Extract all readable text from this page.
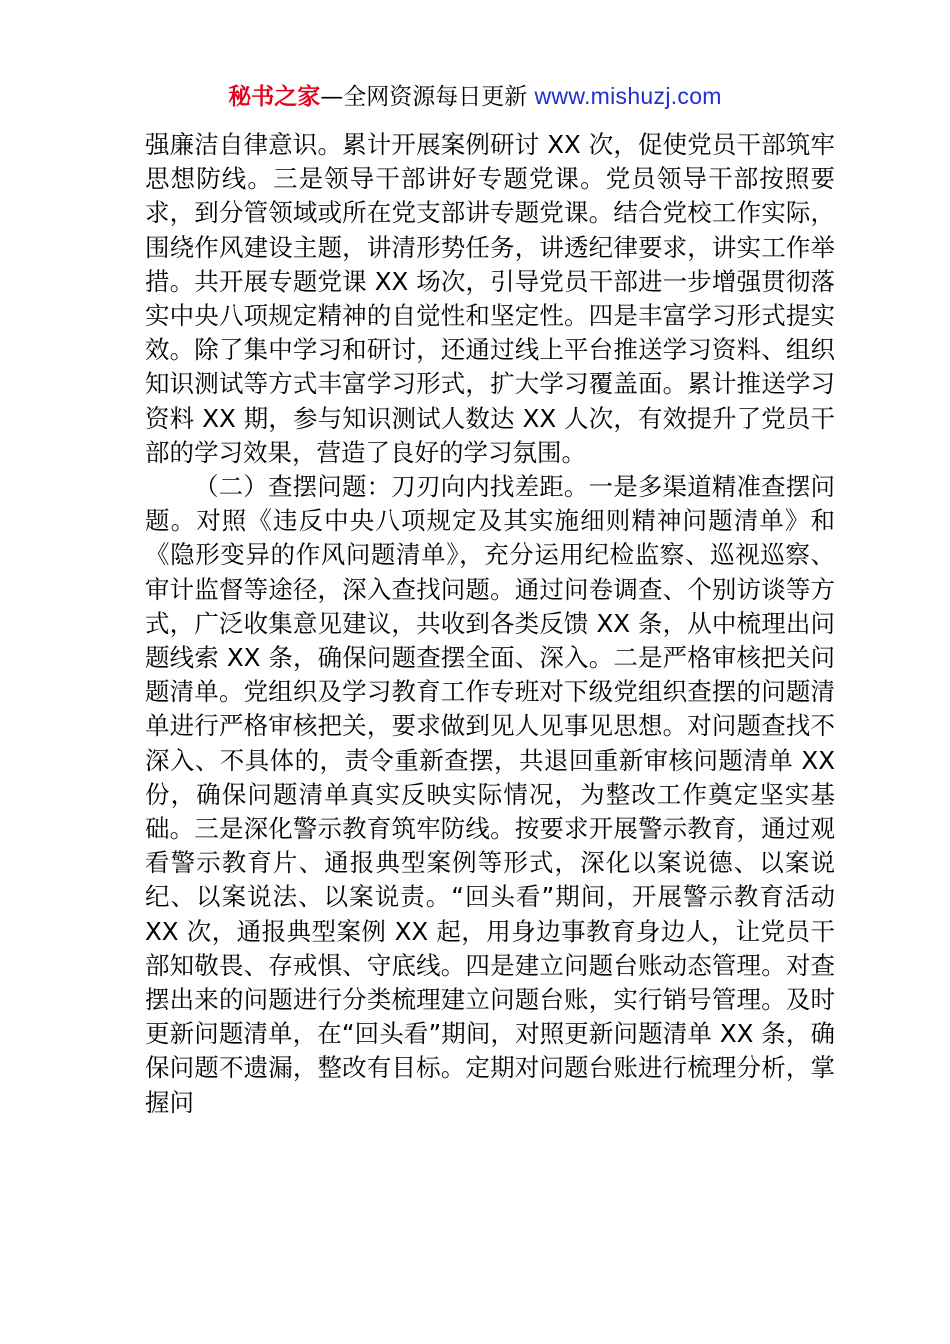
秘书之家—全网资源每日更新 www.mishuzj.com

强廉洁自律意识。累计开展案例研讨 XX 次，促使党员干部筑牢思想防线。三是领导干部讲好专题党课。党员领导干部按照要求，到分管领域或所在党支部讲专题党课。结合党校工作实际，围绕作风建设主题，讲清形势任务，讲透纪律要求，讲实工作举措。共开展专题党课 XX 场次，引导党员干部进一步增强贯彻落实中央八项规定精神的自觉性和坚定性。四是丰富学习形式提实效。除了集中学习和研讨，还通过线上平台推送学习资料、组织知识测试等方式丰富学习形式，扩大学习覆盖面。累计推送学习资料 XX 期，参与知识测试人数达 XX 人次，有效提升了党员干部的学习效果，营造了良好的学习氛围。

（二）查摆问题：刀刃向内找差距。一是多渠道精准查摆问题。对照《违反中央八项规定及其实施细则精神问题清单》和《隐形变异的作风问题清单》，充分运用纪检监察、巡视巡察、审计监督等途径，深入查找问题。通过问卷调查、个别访谈等方式，广泛收集意见建议，共收到各类反馈 XX 条，从中梳理出问题线索 XX 条，确保问题查摆全面、深入。二是严格审核把关问题清单。党组织及学习教育工作专班对下级党组织查摆的问题清单进行严格审核把关，要求做到见人见事见思想。对问题查找不深入、不具体的，责令重新查摆，共退回重新审核问题清单 XX 份，确保问题清单真实反映实际情况，为整改工作奠定坚实基础。三是深化警示教育筑牢防线。按要求开展警示教育，通过观看警示教育片、通报典型案例等形式，深化以案说德、以案说纪、以案说法、以案说责。“回头看”期间，开展警示教育活动 XX 次，通报典型案例 XX 起，用身边事教育身边人，让党员干部知敬畏、存戒惧、守底线。四是建立问题台账动态管理。对查摆出来的问题进行分类梳理建立问题台账，实行销号管理。及时更新问题清单，在“回头看”期间，对照更新问题清单 XX 条，确保问题不遗漏，整改有目标。定期对问题台账进行梳理分析，掌握问
